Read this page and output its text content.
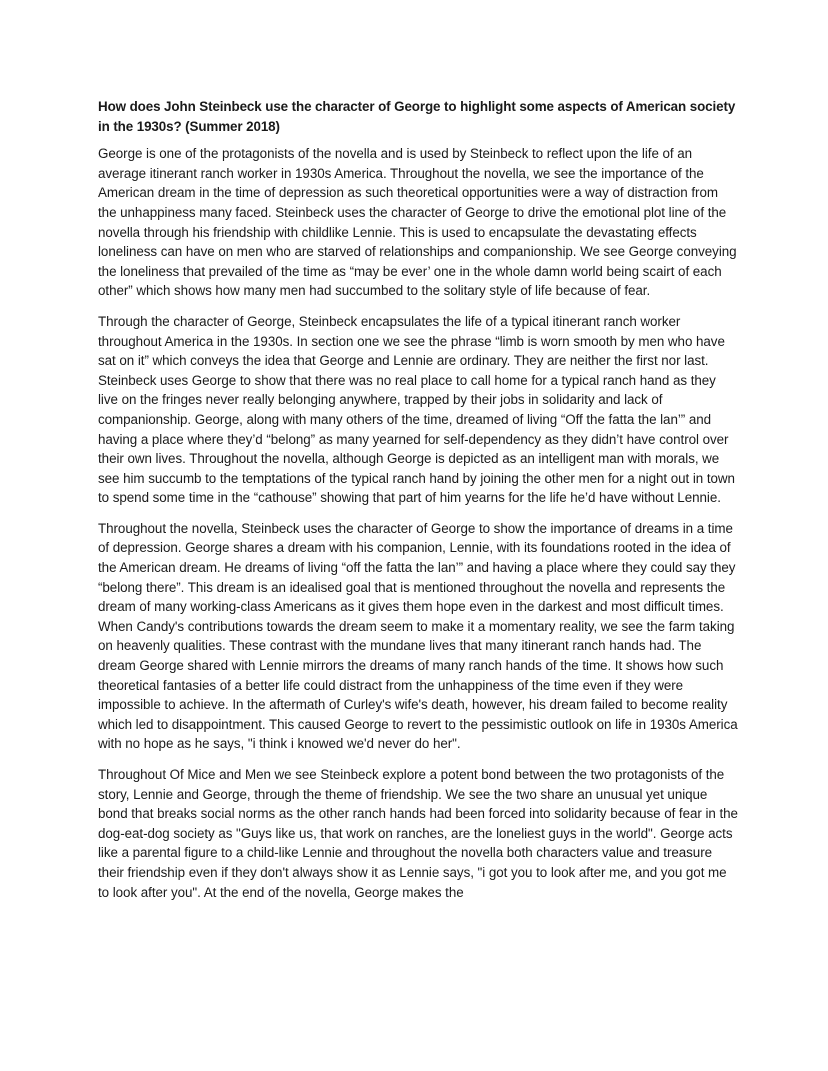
How does John Steinbeck use the character of George to highlight some aspects of American society in the 1930s? (Summer 2018)

George is one of the protagonists of the novella and is used by Steinbeck to reflect upon the life of an average itinerant ranch worker in 1930s America. Throughout the novella, we see the importance of the American dream in the time of depression as such theoretical opportunities were a way of distraction from the unhappiness many faced. Steinbeck uses the character of George to drive the emotional plot line of the novella through his friendship with childlike Lennie. This is used to encapsulate the devastating effects loneliness can have on men who are starved of relationships and companionship. We see George conveying the loneliness that prevailed of the time as “may be ever’ one in the whole damn world being scairt of each other” which shows how many men had succumbed to the solitary style of life because of fear.

Through the character of George, Steinbeck encapsulates the life of a typical itinerant ranch worker throughout America in the 1930s. In section one we see the phrase “limb is worn smooth by men who have sat on it” which conveys the idea that George and Lennie are ordinary. They are neither the first nor last. Steinbeck uses George to show that there was no real place to call home for a typical ranch hand as they live on the fringes never really belonging anywhere, trapped by their jobs in solidarity and lack of companionship. George, along with many others of the time, dreamed of living “Off the fatta the lan’” and having a place where they’d “belong” as many yearned for self-dependency as they didn’t have control over their own lives. Throughout the novella, although George is depicted as an intelligent man with morals, we see him succumb to the temptations of the typical ranch hand by joining the other men for a night out in town to spend some time in the “cathouse” showing that part of him yearns for the life he’d have without Lennie.

Throughout the novella, Steinbeck uses the character of George to show the importance of dreams in a time of depression. George shares a dream with his companion, Lennie, with its foundations rooted in the idea of the American dream. He dreams of living “off the fatta the lan’” and having a place where they could say they “belong there”. This dream is an idealised goal that is mentioned throughout the novella and represents the dream of many working-class Americans as it gives them hope even in the darkest and most difficult times. When Candy's contributions towards the dream seem to make it a momentary reality, we see the farm taking on heavenly qualities. These contrast with the mundane lives that many itinerant ranch hands had. The dream George shared with Lennie mirrors the dreams of many ranch hands of the time. It shows how such theoretical fantasies of a better life could distract from the unhappiness of the time even if they were impossible to achieve. In the aftermath of Curley's wife's death, however, his dream failed to become reality which led to disappointment. This caused George to revert to the pessimistic outlook on life in 1930s America with no hope as he says, "i think i knowed we'd never do her".

Throughout Of Mice and Men we see Steinbeck explore a potent bond between the two protagonists of the story, Lennie and George, through the theme of friendship. We see the two share an unusual yet unique bond that breaks social norms as the other ranch hands had been forced into solidarity because of fear in the dog-eat-dog society as "Guys like us, that work on ranches, are the loneliest guys in the world". George acts like a parental figure to a child-like Lennie and throughout the novella both characters value and treasure their friendship even if they don't always show it as Lennie says, "i got you to look after me, and you got me to look after you". At the end of the novella, George makes the
